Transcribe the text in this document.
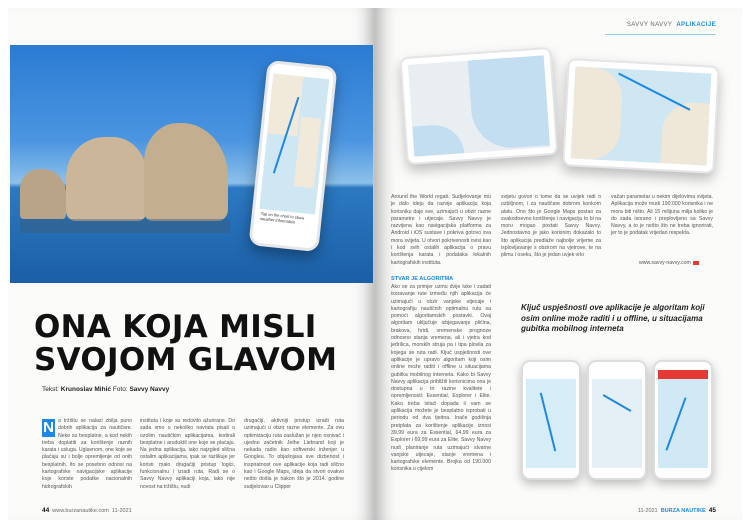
Tap on the chart to show weather information
ONA KOJA MISLI
SVOJOM GLAVOM
Tekst: Krunoslav Mihić Foto: Savvy Navvy
N a tržištu se nalazi zbilja puno dobrih aplikacija za nautičare. Neke su besplatne, a kod nekih treba doplatiti za korištenje raznih karata i usluga. Uglavnom, one koje se plaćaju su i bolje opremljenje od onih besplatnih. Ito se posebno odnosi na kartografske navigacijske aplikacije koje koriste podatke nacionalnih hidrografskih
instituta i koje su redovito ažurirane. Do sada smo u nekoliko navrata pisali o ozolim nautičkim aplikacijama, testirali besplatne i aruduktil one koje se plaćaju. Na jedna aplikacija, iako najzgled slična ostalim aplikacijama, ipak se razlikuje jer koristi malo drugačiji pristup logici, funkcionalnu i izradi ruta. Radi se o Savvy Navvy aplikaciji koja, iako nije novost na tržištu, nudi
drugačiji, aktivniji pristup izradi ruta uzimajući u obzir razne elemente. Za ovu optimizaciju ruta zaslužan je njen osnivač i ujedno začetnik Jethe Liebrand koji je nekada radio kao softverski inženjer u Googleu. To objašnjava sve dizbenost i inspiratnost ove aplikacije koja radi slično kao i Google Maps, ideja da stvori ovakvo nešto došla je nakon što je 2014. godine sudjelovao u Clipper
44 www.burzanautike.com 11-2021
SAVVY NAVVY APLIKACIJE
Around the World regati. Sudjelovanje mu je dalo ideju da razvije aplikaciju koja korisniku daje sve, uzimajući u obzir razne parametre i utjecaje. Savvy Navvy je razvijena kao navigacijska platforma za Android i iOS sustave i pokriva gotovo sva mora svijeta. U otvori pokrivenosti ovisi kao i kod svih ostalih aplikacija o pravu korištenja karata i podataka lokalnih kartografskih instituta.
STVAR JE ALGORITMA
Ako se za primjer uzmu dvije luke i zadati isoravanje rute između njih aplikacija će uzimajući u obzir vanjske utjecaje i kartografiju nautičnih optimalnu rutu sa pomoći algoritamskih postavki. Ovaj algoritam uključuje izbjegavanje plićina, brakova, hridi, vremenske prognoze odnosno stanja vremena, ali i vjetra kod jedrilica, morskih struja pa i tipa plovila za kojega se ruta radi. Ključ uspješnosti ove aplikacije je upravo algoritam koji osim online može raditi i offline u situacijama gubitka mobilnog interneta. Kako bi Savvy Navvy aplikacija približili korisnicima ona je dostupna u tri razine kvalitete i opremljenosti: Essential, Explorer i Elite. Kako treba istaći dopada li vam se aplikacija možete je besplatno isprobati u periodu od dva tjedna. Inače godišnja pretplata za korištenje aplikacije iznosi 39,99 eura za Essential, 64,99 eura za Explorer i 69,99 eura za Elite. Savvy Navvy nudi planiranje ruta uzimajući stvarne vanjske utjecaje, stanje vremena i kartografske elemente. Brojka od 190.000 korisnika u cijelom
svijetu govori o tome da se uvijek radi o ozbiljnom, i za nautičare dobrom konkom alatu. Ono što je Google Maps postao za svakodnevno korištenje i navigaciju to bi na moru mogao postati Savvy Navvy. Jednostavno je jako korisnim dokazalo to što aplikacija predlaže najbolje vrijeme za isplovljavanje s obzirom na vjetrove, te na plimu i oseku, što je jedan uvjek vrlo
važan parametar u nekim dijelovima svijeta. Aplikacija može mudi 190.000 korisnika i ne mora biti ništo. Ali 15 milijuna milja koliko je do sada isorano i preplovljeno sa Savvy Navvy, a to je nešto što ne treba ignorirati, jer to je podatak vrijedan respekta.
www.savvy-navvy.com
Ključ uspješnosti ove aplikacije je algoritam koji osim online može raditi i u offline, u situacijama gubitka mobilnog interneta
11-2021 BURZA NAUTIKE 45
